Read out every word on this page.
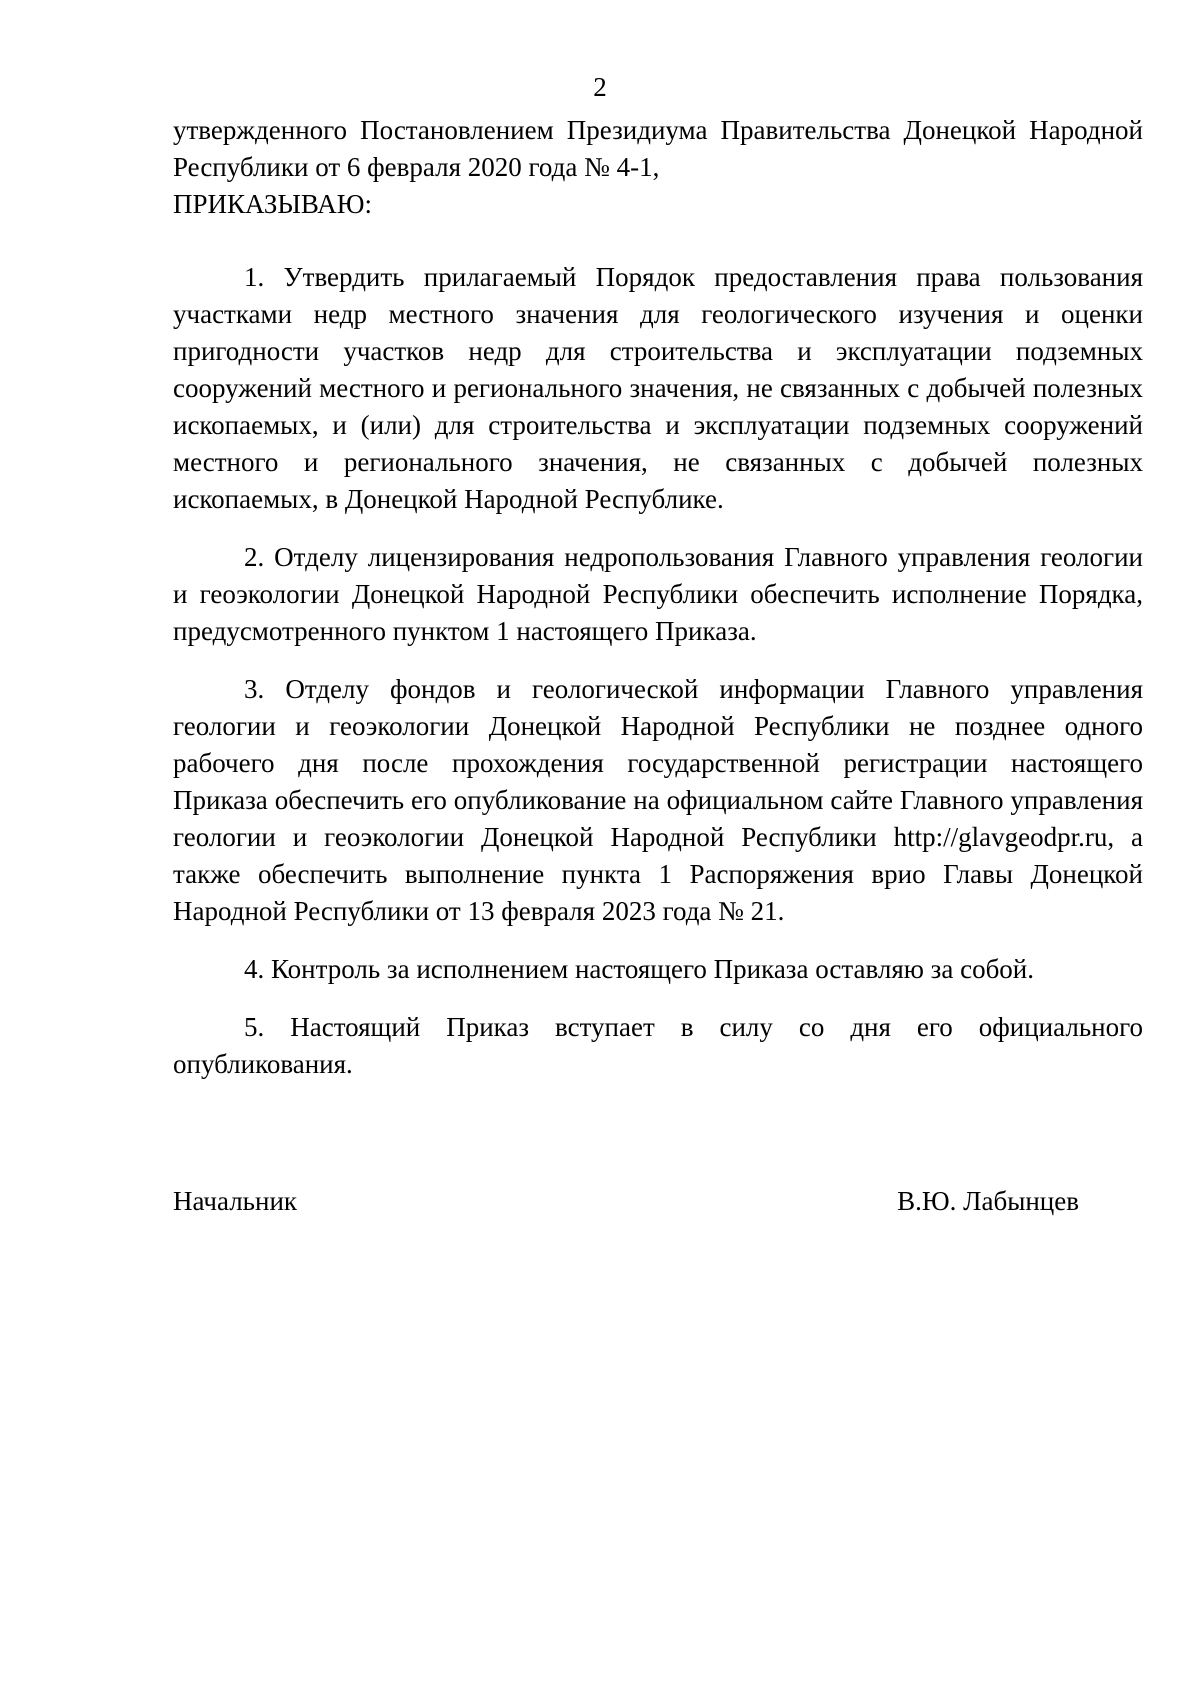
2

утвержденного Постановлением Президиума Правительства Донецкой Народной Республики от 6 февраля 2020 года № 4-1,

ПРИКАЗЫВАЮ:

1. Утвердить прилагаемый Порядок предоставления права пользования участками недр местного значения для геологического изучения и оценки пригодности участков недр для строительства и эксплуатации подземных сооружений местного и регионального значения, не связанных с добычей полезных ископаемых, и (или) для строительства и эксплуатации подземных сооружений местного и регионального значения, не связанных с добычей полезных ископаемых, в Донецкой Народной Республике.

2. Отделу лицензирования недропользования Главного управления геологии и геоэкологии Донецкой Народной Республики обеспечить исполнение Порядка, предусмотренного пунктом 1 настоящего Приказа.

3. Отделу фондов и геологической информации Главного управления геологии и геоэкологии Донецкой Народной Республики не позднее одного рабочего дня после прохождения государственной регистрации настоящего Приказа обеспечить его опубликование на официальном сайте Главного управления геологии и геоэкологии Донецкой Народной Республики http://glavgeodpr.ru, а также обеспечить выполнение пункта 1 Распоряжения врио Главы Донецкой Народной Республики от 13 февраля 2023 года № 21.

4. Контроль за исполнением настоящего Приказа оставляю за собой.

5. Настоящий Приказ вступает в силу со дня его официального опубликования.

Начальник	В.Ю. Лабынцев
